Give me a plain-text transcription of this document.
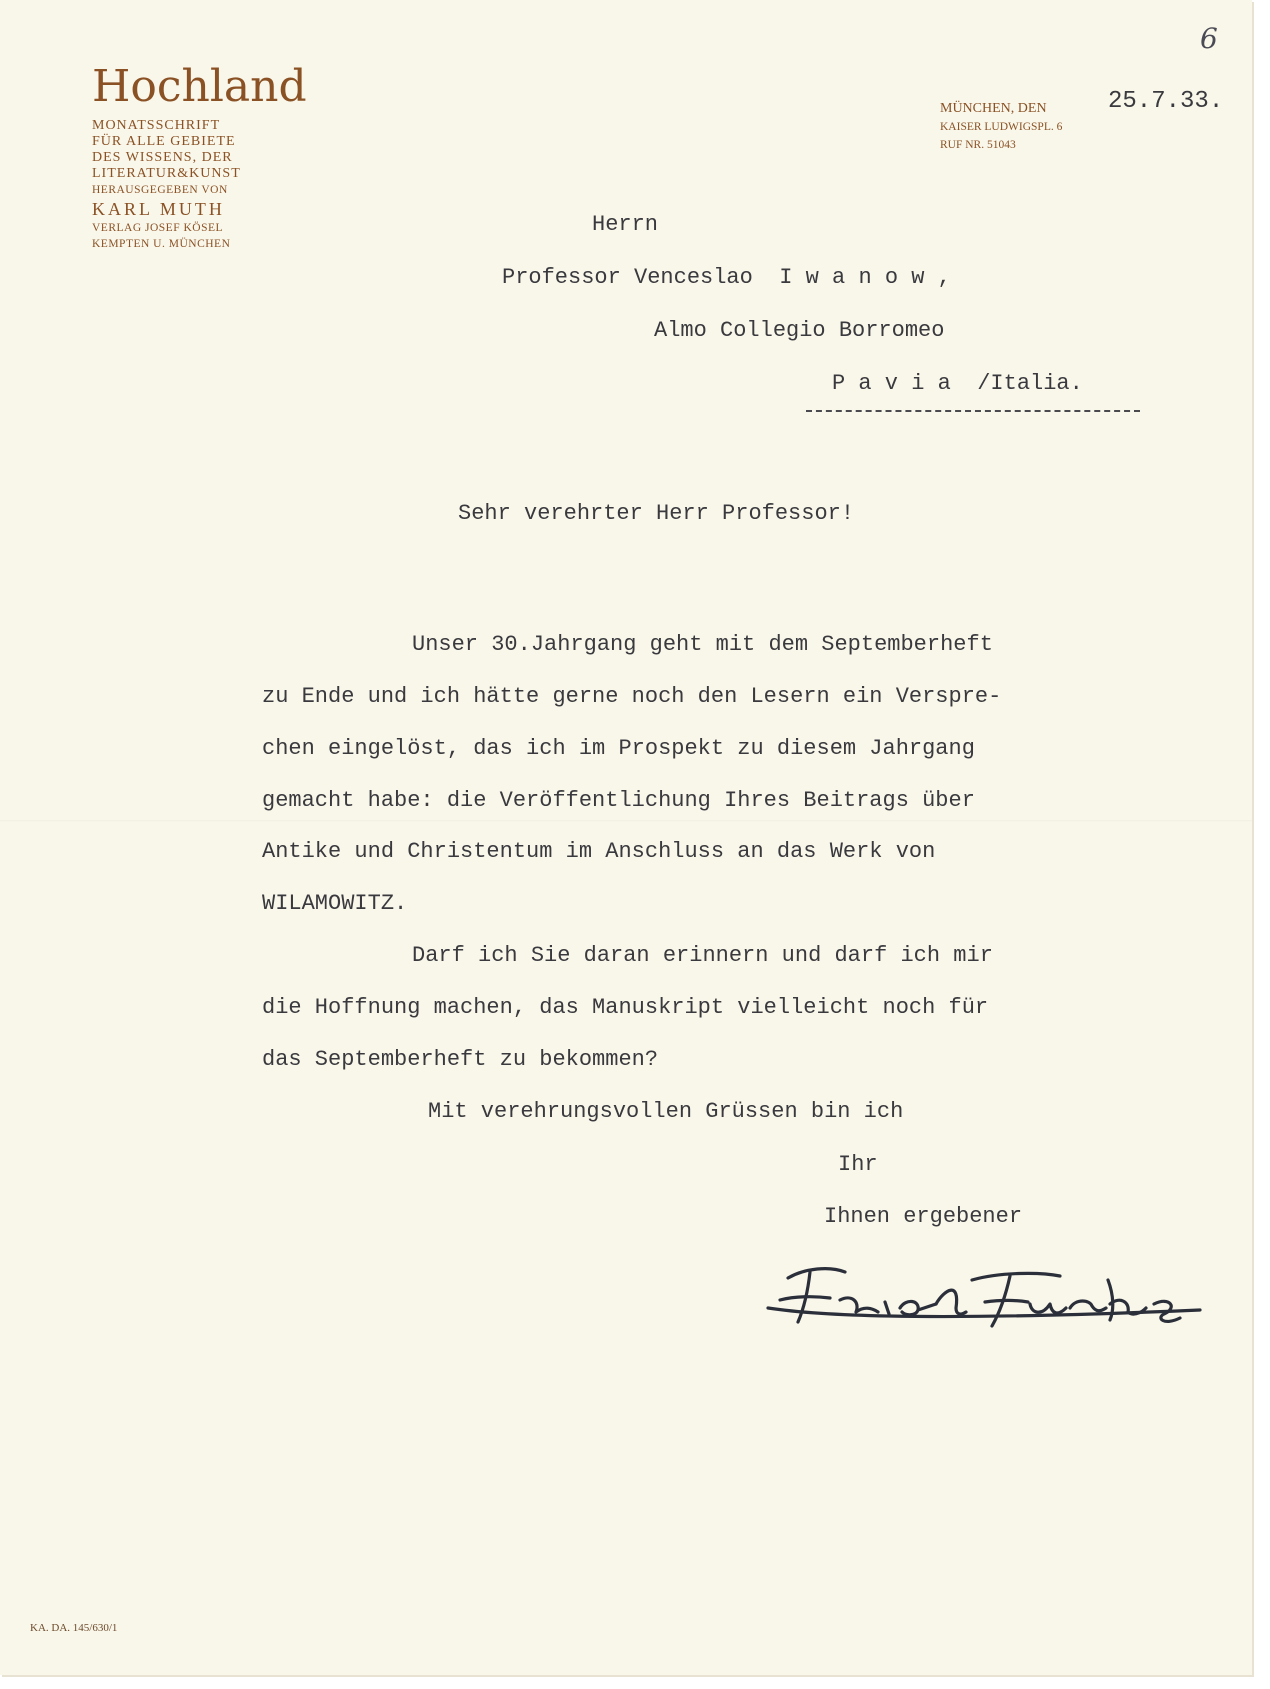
6
Hochland
MONATSSCHRIFT
FÜR ALLE GEBIETE
DES WISSENS, DER
LITERATUR&KUNST
HERAUSGEGEBEN VON
KARL MUTH
VERLAG JOSEF KÖSEL
KEMPTEN U. MÜNCHEN
MÜNCHEN, DEN
KAISER LUDWIGSPL. 6
RUF NR. 51043
25.7.33.
Herrn
Professor Venceslao  I w a n o w ,
Almo Collegio Borromeo
P a v i a  /Italia.
Sehr verehrter Herr Professor!
Unser 30.Jahrgang geht mit dem Septemberheft
zu Ende und ich hätte gerne noch den Lesern ein Verspre-
chen eingelöst, das ich im Prospekt zu diesem Jahrgang
gemacht habe: die Veröffentlichung Ihres Beitrags über
Antike und Christentum im Anschluss an das Werk von
WILAMOWITZ.
Darf ich Sie daran erinnern und darf ich mir
die Hoffnung machen, das Manuskript vielleicht noch für
das Septemberheft zu bekommen?
Mit verehrungsvollen Grüssen bin ich
Ihr
Ihnen ergebener
KA. DA. 145/630/1
